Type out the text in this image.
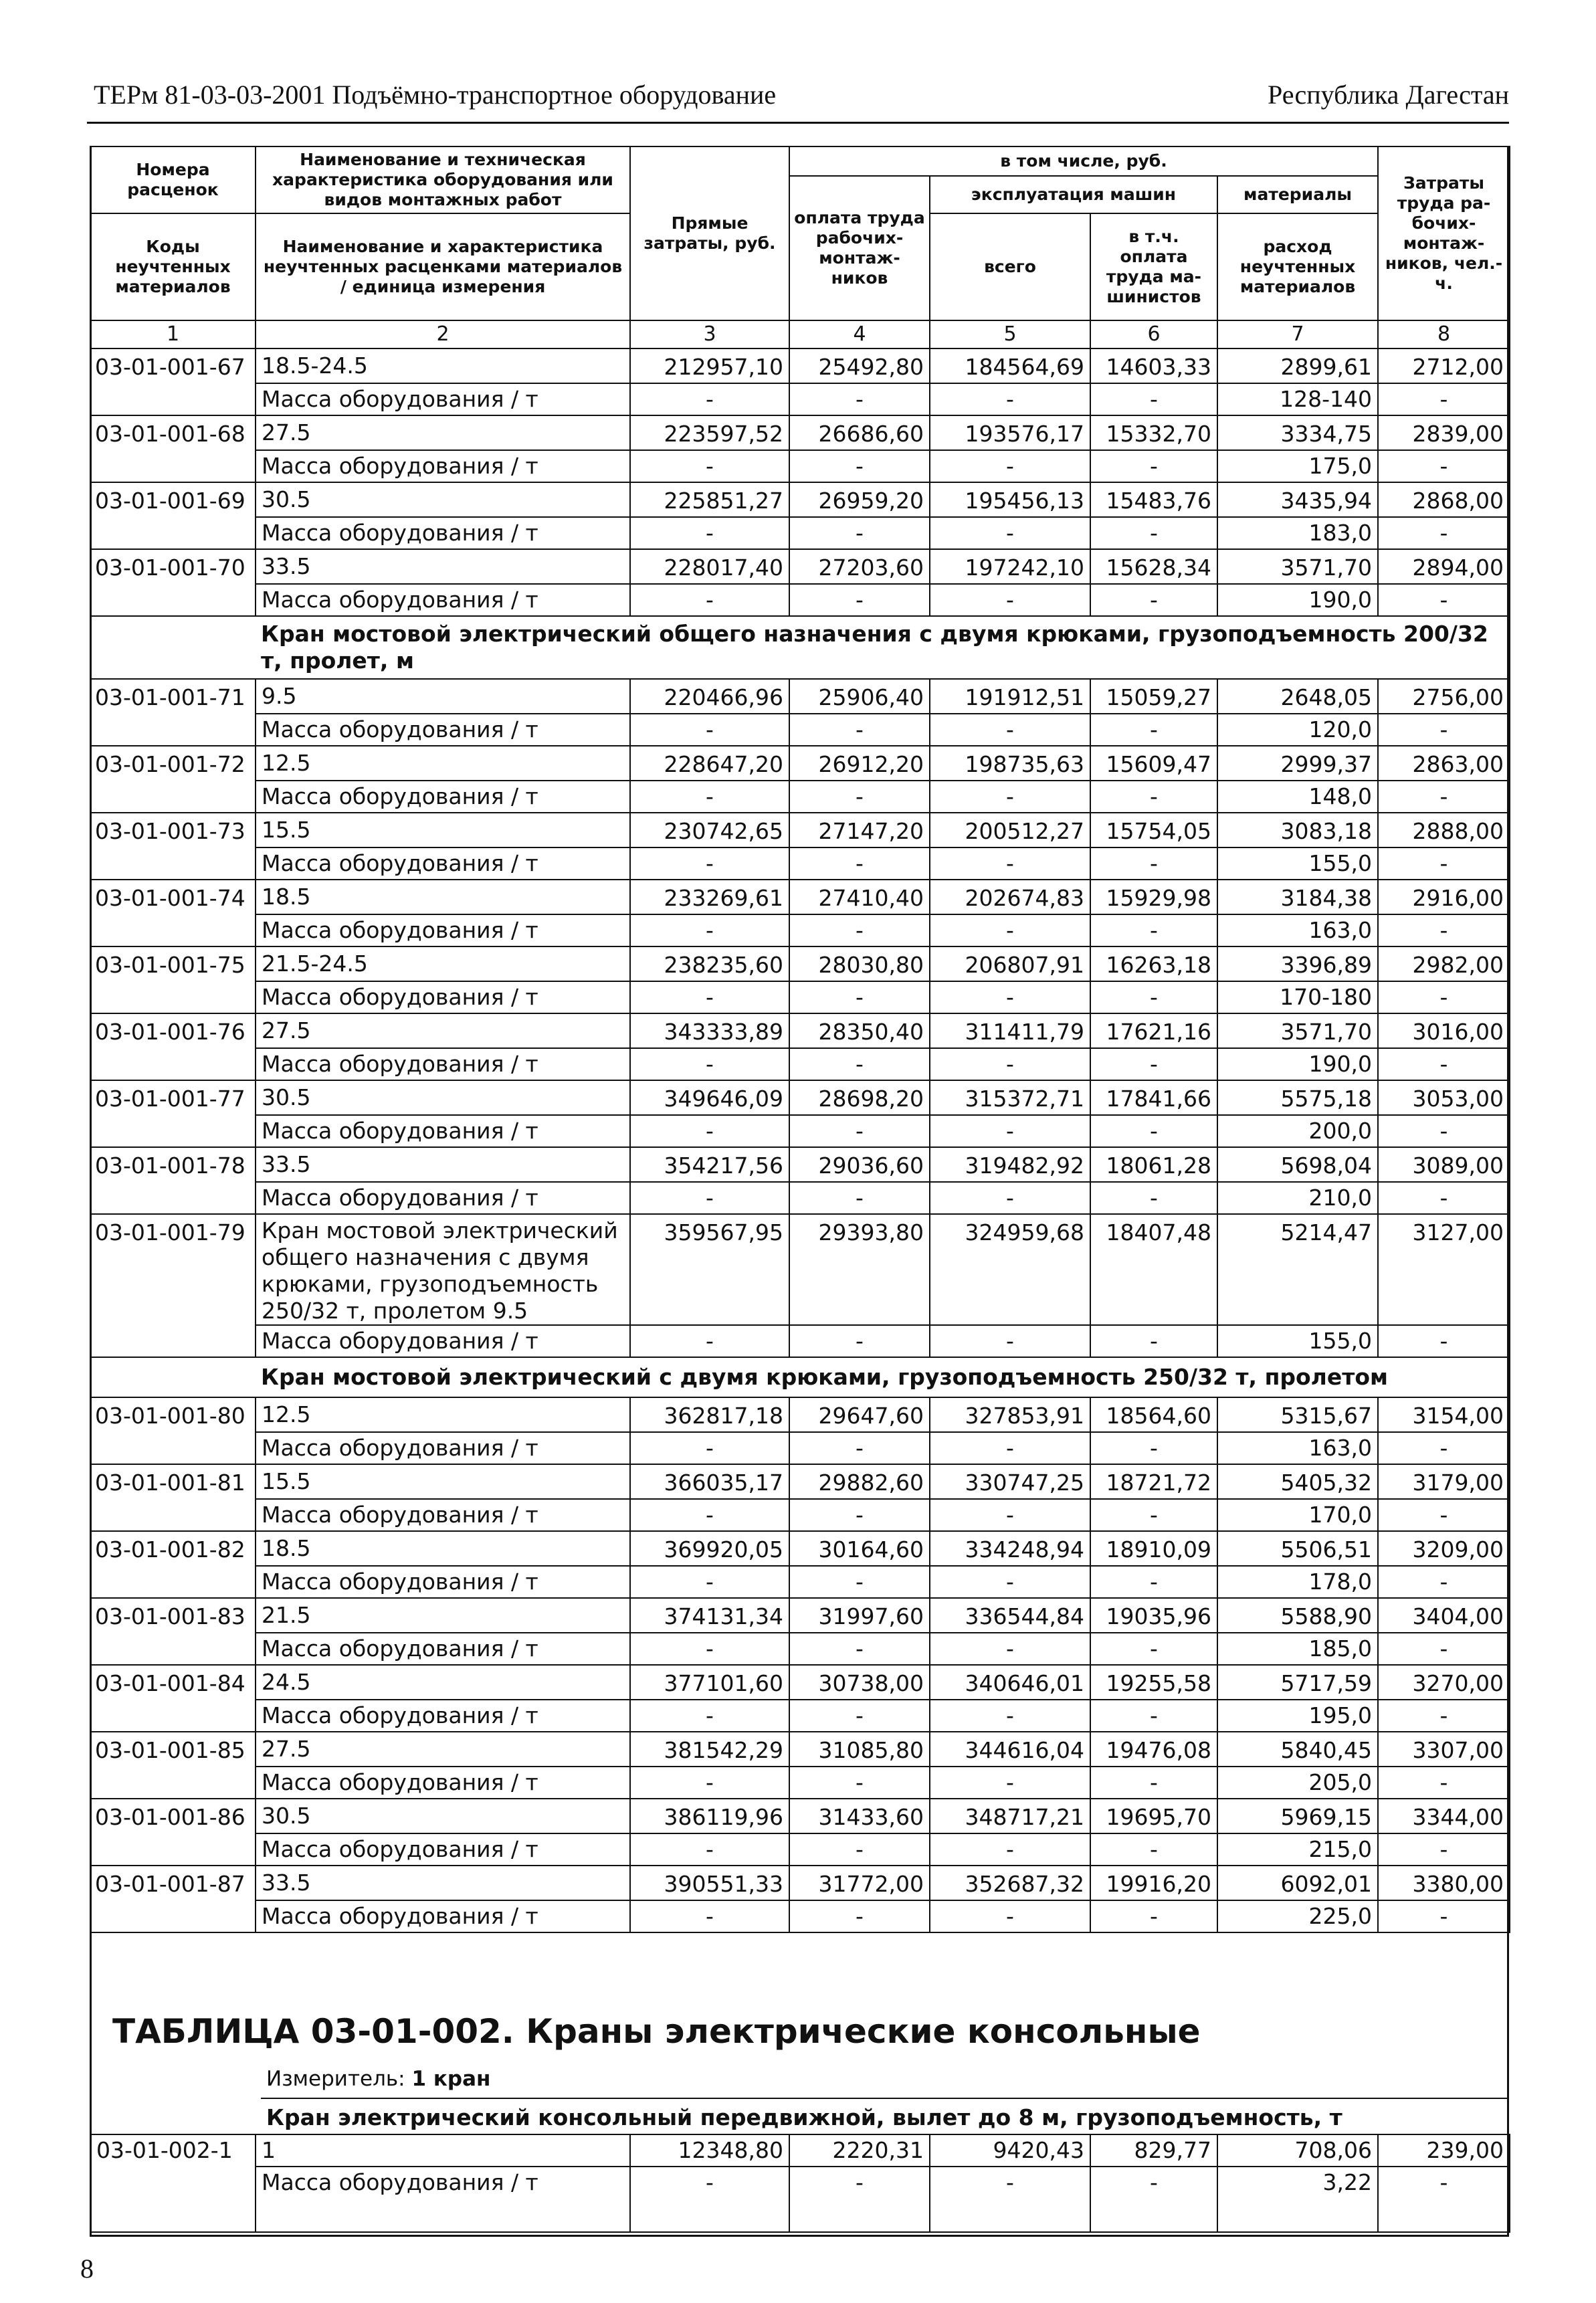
ТЕРм 81-03-03-2001 Подъёмно-транспортное оборудование	Республика Дагестан
Номера расценок	Наименование и техническая характеристика оборудования или видов монтажных работ	Прямые затраты, руб.	в том числе, руб.				Затраты труда ра-бочих-монтаж-ников, чел.-ч.
			оплата труда рабочих-монтаж-ников	эксплуатация машин		материалы	
Коды неучтенных материалов	Наименование и характеристика неучтенных расценками материалов / единица измерения			всего	в т.ч. оплата труда ма-шинистов	расход неучтенных материалов	

1	2	3	4	5	6	7	8
03-01-001-67	18.5-24.5	212957,10	25492,80	184564,69	14603,33	2899,61	2712,00
	Масса оборудования / т	-	-	-	-	128-140	-
03-01-001-68	27.5	223597,52	26686,60	193576,17	15332,70	3334,75	2839,00
	Масса оборудования / т	-	-	-	-	175,0	-
03-01-001-69	30.5	225851,27	26959,20	195456,13	15483,76	3435,94	2868,00
	Масса оборудования / т	-	-	-	-	183,0	-
03-01-001-70	33.5	228017,40	27203,60	197242,10	15628,34	3571,70	2894,00
	Масса оборудования / т	-	-	-	-	190,0	-
	Кран мостовой электрический общего назначения с двумя крюками, грузоподъемность 200/32 т, пролет, м						
03-01-001-71	9.5	220466,96	25906,40	191912,51	15059,27	2648,05	2756,00
	Масса оборудования / т	-	-	-	-	120,0	-
03-01-001-72	12.5	228647,20	26912,20	198735,63	15609,47	2999,37	2863,00
	Масса оборудования / т	-	-	-	-	148,0	-
03-01-001-73	15.5	230742,65	27147,20	200512,27	15754,05	3083,18	2888,00
	Масса оборудования / т	-	-	-	-	155,0	-
03-01-001-74	18.5	233269,61	27410,40	202674,83	15929,98	3184,38	2916,00
	Масса оборудования / т	-	-	-	-	163,0	-
03-01-001-75	21.5-24.5	238235,60	28030,80	206807,91	16263,18	3396,89	2982,00
	Масса оборудования / т	-	-	-	-	170-180	-
03-01-001-76	27.5	343333,89	28350,40	311411,79	17621,16	3571,70	3016,00
	Масса оборудования / т	-	-	-	-	190,0	-
03-01-001-77	30.5	349646,09	28698,20	315372,71	17841,66	5575,18	3053,00
	Масса оборудования / т	-	-	-	-	200,0	-
03-01-001-78	33.5	354217,56	29036,60	319482,92	18061,28	5698,04	3089,00
	Масса оборудования / т	-	-	-	-	210,0	-
03-01-001-79	Кран мостовой электрический общего назначения с двумя крюками, грузоподъемность 250/32 т, пролетом 9.5	359567,95	29393,80	324959,68	18407,48	5214,47	3127,00
	Масса оборудования / т	-	-	-	-	155,0	-
	Кран мостовой электрический с двумя крюками, грузоподъемность 250/32 т, пролетом						
03-01-001-80	12.5	362817,18	29647,60	327853,91	18564,60	5315,67	3154,00
	Масса оборудования / т	-	-	-	-	163,0	-
03-01-001-81	15.5	366035,17	29882,60	330747,25	18721,72	5405,32	3179,00
	Масса оборудования / т	-	-	-	-	170,0	-
03-01-001-82	18.5	369920,05	30164,60	334248,94	18910,09	5506,51	3209,00
	Масса оборудования / т	-	-	-	-	178,0	-
03-01-001-83	21.5	374131,34	31997,60	336544,84	19035,96	5588,90	3404,00
	Масса оборудования / т	-	-	-	-	185,0	-
03-01-001-84	24.5	377101,60	30738,00	340646,01	19255,58	5717,59	3270,00
	Масса оборудования / т	-	-	-	-	195,0	-
03-01-001-85	27.5	381542,29	31085,80	344616,04	19476,08	5840,45	3307,00
	Масса оборудования / т	-	-	-	-	205,0	-
03-01-001-86	30.5	386119,96	31433,60	348717,21	19695,70	5969,15	3344,00
	Масса оборудования / т	-	-	-	-	215,0	-
03-01-001-87	33.5	390551,33	31772,00	352687,32	19916,20	6092,01	3380,00
	Масса оборудования / т	-	-	-	-	225,0	-
ТАБЛИЦА 03-01-002. Краны электрические консольные
Измеритель: 1 кран
Кран электрический консольный передвижной, вылет до 8 м, грузоподъемность, т
03-01-002-1	1	12348,80	2220,31	9420,43	829,77	708,06	239,00
	Масса оборудования / т	-	-	-	-	3,22	-
8
